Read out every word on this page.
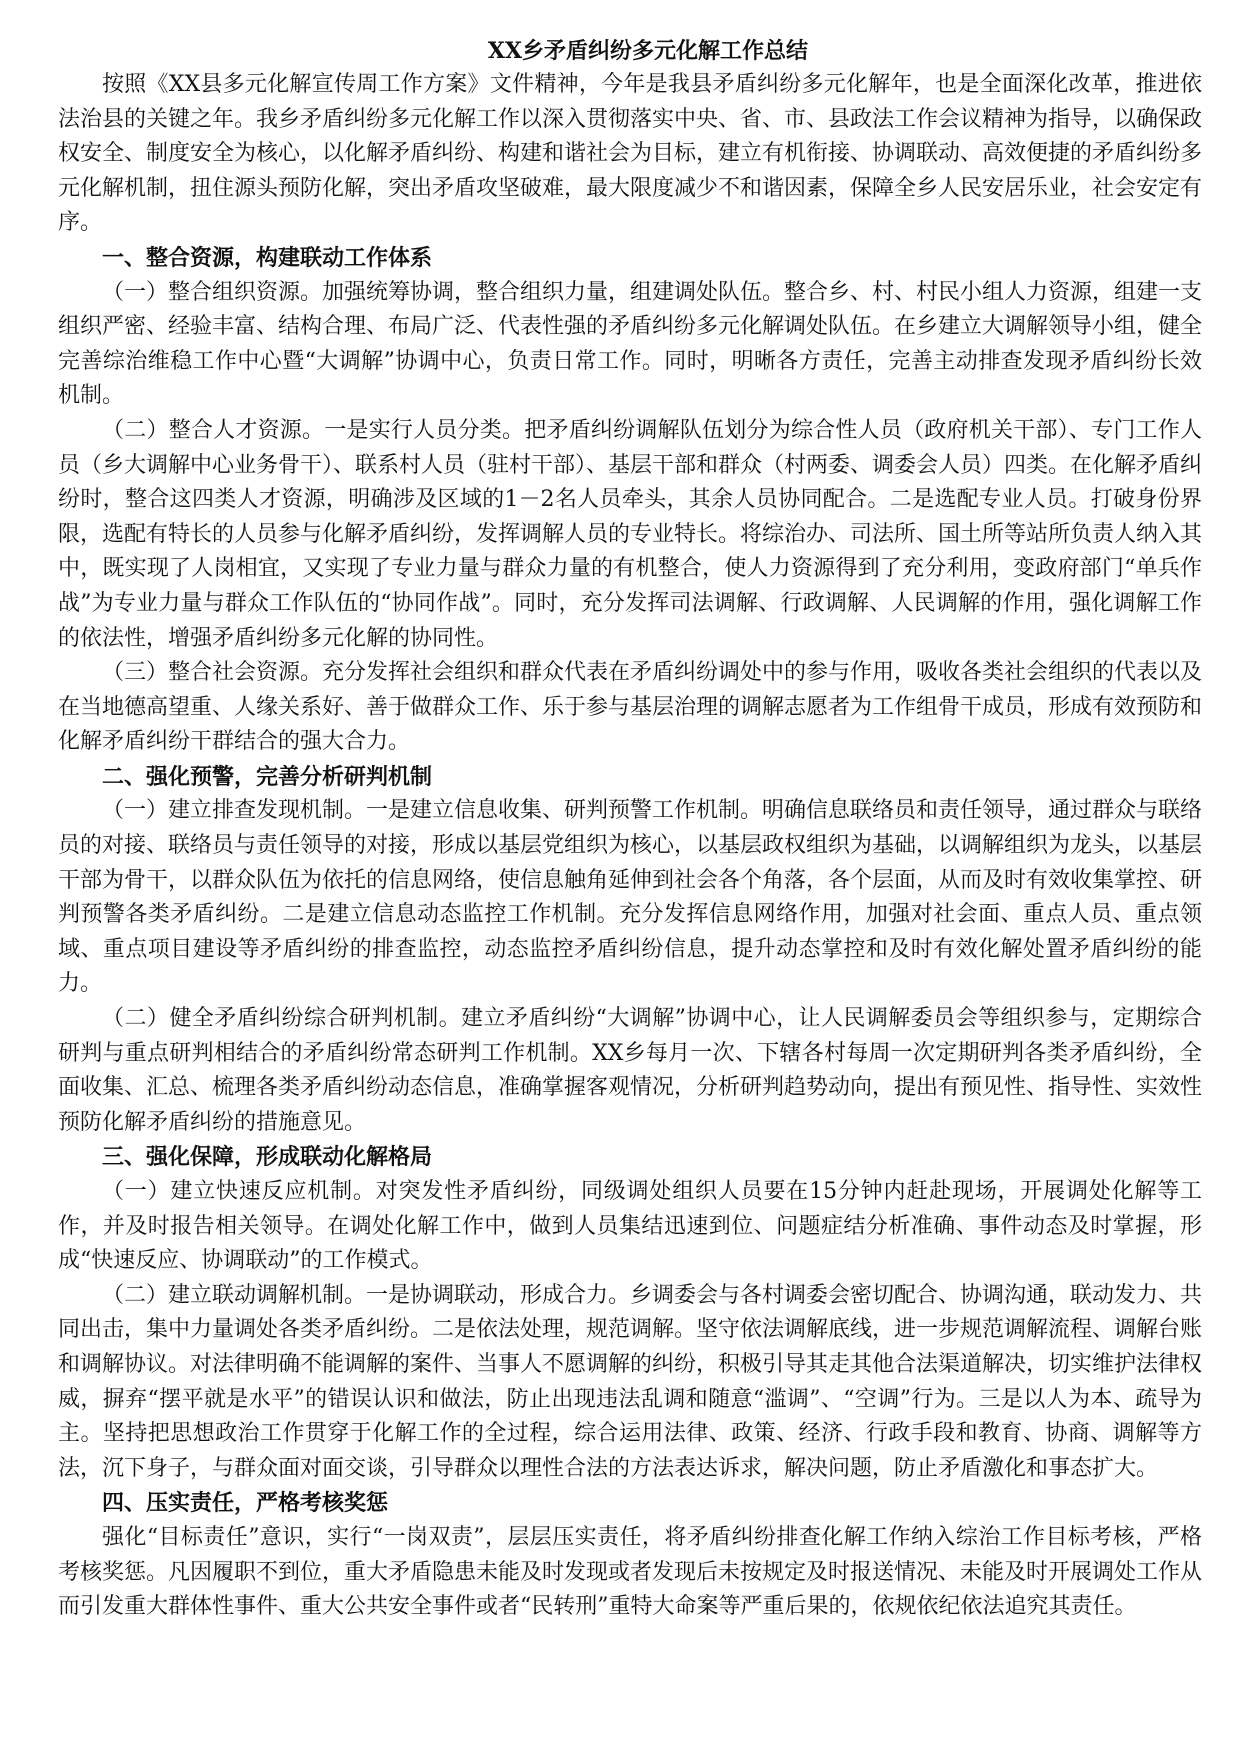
XX乡矛盾纠纷多元化解工作总结

按照《XX县多元化解宣传周工作方案》文件精神，今年是我县矛盾纠纷多元化解年，也是全面深化改革，推进依法治县的关键之年。我乡矛盾纠纷多元化解工作以深入贯彻落实中央、省、市、县政法工作会议精神为指导，以确保政权安全、制度安全为核心，以化解矛盾纠纷、构建和谐社会为目标，建立有机衔接、协调联动、高效便捷的矛盾纠纷多元化解机制，扭住源头预防化解，突出矛盾攻坚破难，最大限度减少不和谐因素，保障全乡人民安居乐业，社会安定有序。

一、整合资源，构建联动工作体系

（一）整合组织资源。加强统筹协调，整合组织力量，组建调处队伍。整合乡、村、村民小组人力资源，组建一支组织严密、经验丰富、结构合理、布局广泛、代表性强的矛盾纠纷多元化解调处队伍。在乡建立大调解领导小组，健全完善综治维稳工作中心暨“大调解”协调中心，负责日常工作。同时，明晰各方责任，完善主动排查发现矛盾纠纷长效机制。

（二）整合人才资源。一是实行人员分类。把矛盾纠纷调解队伍划分为综合性人员（政府机关干部）、专门工作人员（乡大调解中心业务骨干）、联系村人员（驻村干部）、基层干部和群众（村两委、调委会人员）四类。在化解矛盾纠纷时，整合这四类人才资源，明确涉及区域的1－2名人员牵头，其余人员协同配合。二是选配专业人员。打破身份界限，选配有特长的人员参与化解矛盾纠纷，发挥调解人员的专业特长。将综治办、司法所、国土所等站所负责人纳入其中，既实现了人岗相宜，又实现了专业力量与群众力量的有机整合，使人力资源得到了充分利用，变政府部门“单兵作战”为专业力量与群众工作队伍的“协同作战”。同时，充分发挥司法调解、行政调解、人民调解的作用，强化调解工作的依法性，增强矛盾纠纷多元化解的协同性。

（三）整合社会资源。充分发挥社会组织和群众代表在矛盾纠纷调处中的参与作用，吸收各类社会组织的代表以及在当地德高望重、人缘关系好、善于做群众工作、乐于参与基层治理的调解志愿者为工作组骨干成员，形成有效预防和化解矛盾纠纷干群结合的强大合力。

二、强化预警，完善分析研判机制

（一）建立排查发现机制。一是建立信息收集、研判预警工作机制。明确信息联络员和责任领导，通过群众与联络员的对接、联络员与责任领导的对接，形成以基层党组织为核心，以基层政权组织为基础，以调解组织为龙头，以基层干部为骨干，以群众队伍为依托的信息网络，使信息触角延伸到社会各个角落，各个层面，从而及时有效收集掌控、研判预警各类矛盾纠纷。二是建立信息动态监控工作机制。充分发挥信息网络作用，加强对社会面、重点人员、重点领域、重点项目建设等矛盾纠纷的排查监控，动态监控矛盾纠纷信息，提升动态掌控和及时有效化解处置矛盾纠纷的能力。

（二）健全矛盾纠纷综合研判机制。建立矛盾纠纷“大调解”协调中心，让人民调解委员会等组织参与，定期综合研判与重点研判相结合的矛盾纠纷常态研判工作机制。XX乡每月一次、下辖各村每周一次定期研判各类矛盾纠纷，全面收集、汇总、梳理各类矛盾纠纷动态信息，准确掌握客观情况，分析研判趋势动向，提出有预见性、指导性、实效性预防化解矛盾纠纷的措施意见。

三、强化保障，形成联动化解格局

（一）建立快速反应机制。对突发性矛盾纠纷，同级调处组织人员要在15分钟内赶赴现场，开展调处化解等工作，并及时报告相关领导。在调处化解工作中，做到人员集结迅速到位、问题症结分析准确、事件动态及时掌握，形成“快速反应、协调联动”的工作模式。

（二）建立联动调解机制。一是协调联动，形成合力。乡调委会与各村调委会密切配合、协调沟通，联动发力、共同出击，集中力量调处各类矛盾纠纷。二是依法处理，规范调解。坚守依法调解底线，进一步规范调解流程、调解台账和调解协议。对法律明确不能调解的案件、当事人不愿调解的纠纷，积极引导其走其他合法渠道解决，切实维护法律权威，摒弃“摆平就是水平”的错误认识和做法，防止出现违法乱调和随意“滥调”、“空调”行为。三是以人为本、疏导为主。坚持把思想政治工作贯穿于化解工作的全过程，综合运用法律、政策、经济、行政手段和教育、协商、调解等方法，沉下身子，与群众面对面交谈，引导群众以理性合法的方法表达诉求，解决问题，防止矛盾激化和事态扩大。

四、压实责任，严格考核奖惩

强化“目标责任”意识，实行“一岗双责”，层层压实责任，将矛盾纠纷排查化解工作纳入综治工作目标考核，严格考核奖惩。凡因履职不到位，重大矛盾隐患未能及时发现或者发现后未按规定及时报送情况、未能及时开展调处工作从而引发重大群体性事件、重大公共安全事件或者“民转刑”重特大命案等严重后果的，依规依纪依法追究其责任。
